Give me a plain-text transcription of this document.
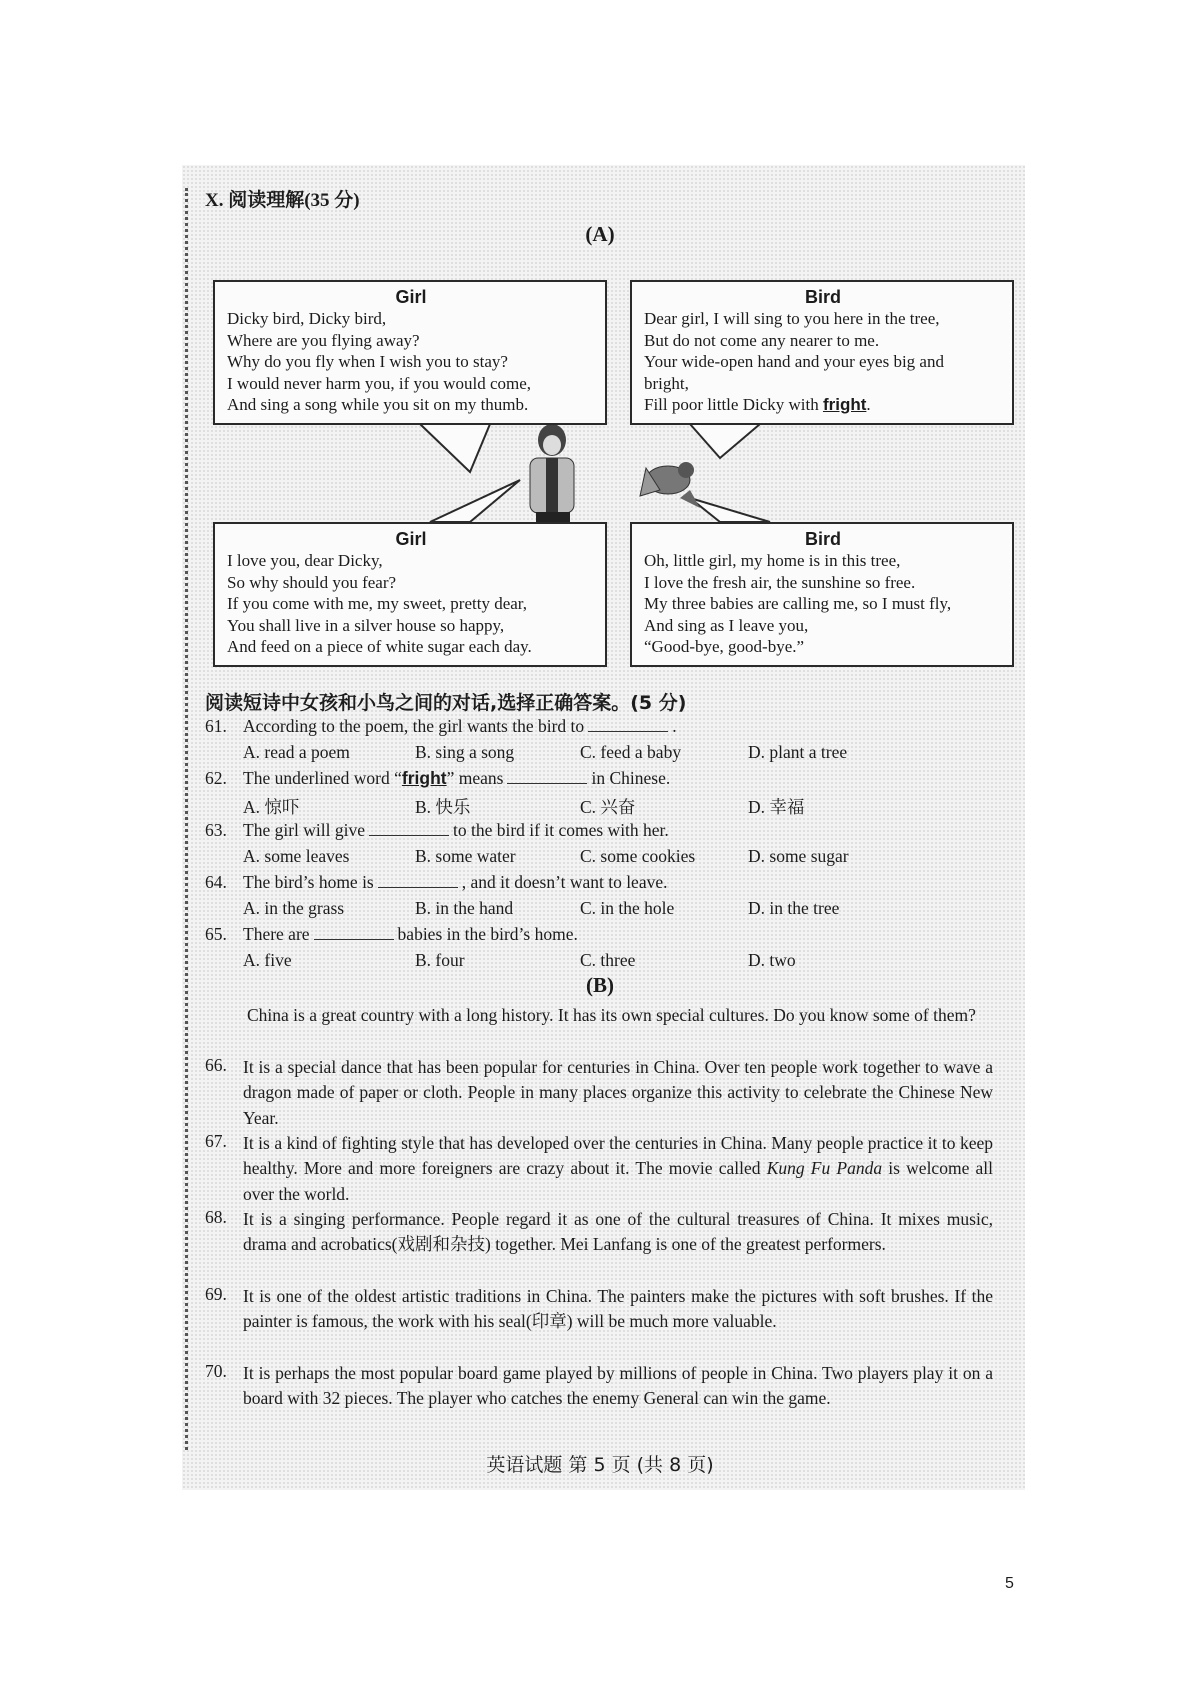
X. 阅读理解(35 分)
(A)
Girl
Dicky bird, Dicky bird,
Where are you flying away?
Why do you fly when I wish you to stay?
I would never harm you, if you would come,
And sing a song while you sit on my thumb.
Bird
Dear girl, I will sing to you here in the tree,
But do not come any nearer to me.
Your wide-open hand and your eyes big and
bright,
Fill poor little Dicky with fright.
Girl
I love you, dear Dicky,
So why should you fear?
If you come with me, my sweet, pretty dear,
You shall live in a silver house so happy,
And feed on a piece of white sugar each day.
Bird
Oh, little girl, my home is in this tree,
I love the fresh air, the sunshine so free.
My three babies are calling me, so I must fly,
And sing as I leave you,
“Good-bye, good-bye.”
阅读短诗中女孩和小鸟之间的对话,选择正确答案。(5 分)
61. According to the poem, the girl wants the bird to	.
A. read a poem	B. sing a song	C. feed a baby	D. plant a tree
62. The underlined word “fright” means	in Chinese.
A. 惊吓	B. 快乐	C. 兴奋	D. 幸福
63. The girl will give	to the bird if it comes with her.
A. some leaves	B. some water	C. some cookies	D. some sugar
64. The bird’s home is	, and it doesn’t want to leave.
A. in the grass	B. in the hand	C. in the hole	D. in the tree
65. There are	babies in the bird’s home.
A. five	B. four	C. three	D. two
(B)
China is a great country with a long history. It has its own special cultures. Do you know some of them?
66. It is a special dance that has been popular for centuries in China. Over ten people work together to wave a dragon made of paper or cloth. People in many places organize this activity to celebrate the Chinese New Year.
67. It is a kind of fighting style that has developed over the centuries in China. Many people practice it to keep healthy. More and more foreigners are crazy about it. The movie called Kung Fu Panda is welcome all over the world.
68. It is a singing performance. People regard it as one of the cultural treasures of China. It mixes music, drama and acrobatics(戏剧和杂技) together. Mei Lanfang is one of the greatest performers.
69. It is one of the oldest artistic traditions in China. The painters make the pictures with soft brushes. If the painter is famous, the work with his seal(印章) will be much more valuable.
70. It is perhaps the most popular board game played by millions of people in China. Two players play it on a board with 32 pieces. The player who catches the enemy General can win the game.
英语试题 第 5 页 (共 8 页)
5
